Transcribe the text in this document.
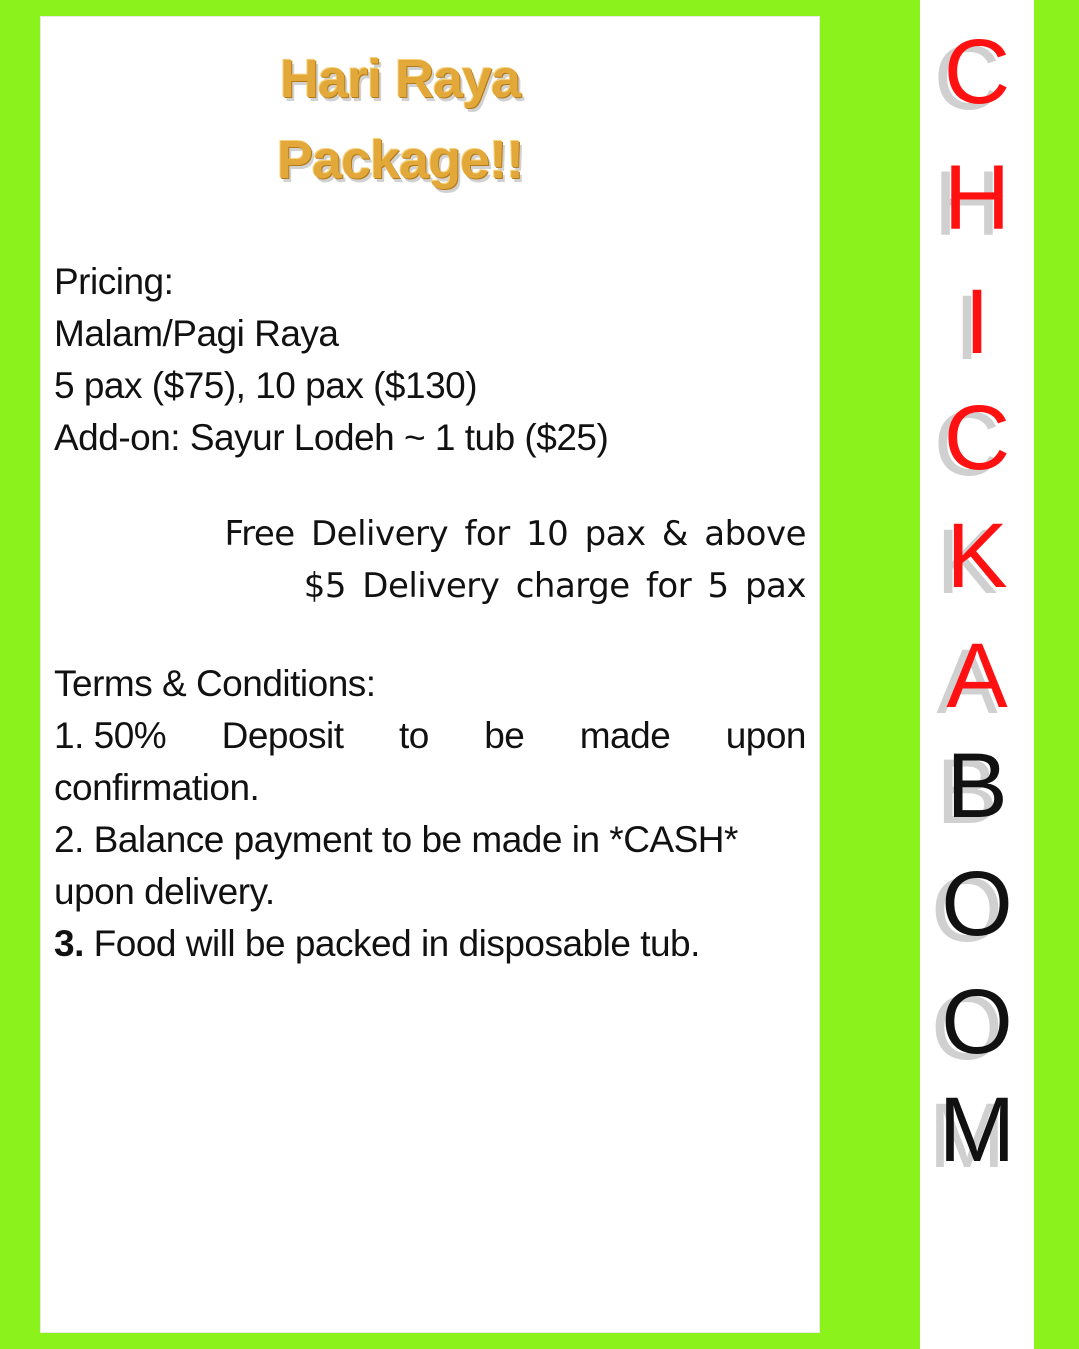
Hari Raya
Package!!
Pricing:
Malam/Pagi Raya
5 pax ($75), 10 pax ($130)
Add-on: Sayur Lodeh ~ 1 tub ($25)
Free Delivery for 10 pax & above
$5 Delivery charge for 5 pax
Terms & Conditions:
1. 50% Deposit to be made upon
confirmation.
2. Balance payment to be made in *CASH*
upon delivery.
3. Food will be packed in disposable tub.
C
H
I
C
K
A
B
O
O
M
